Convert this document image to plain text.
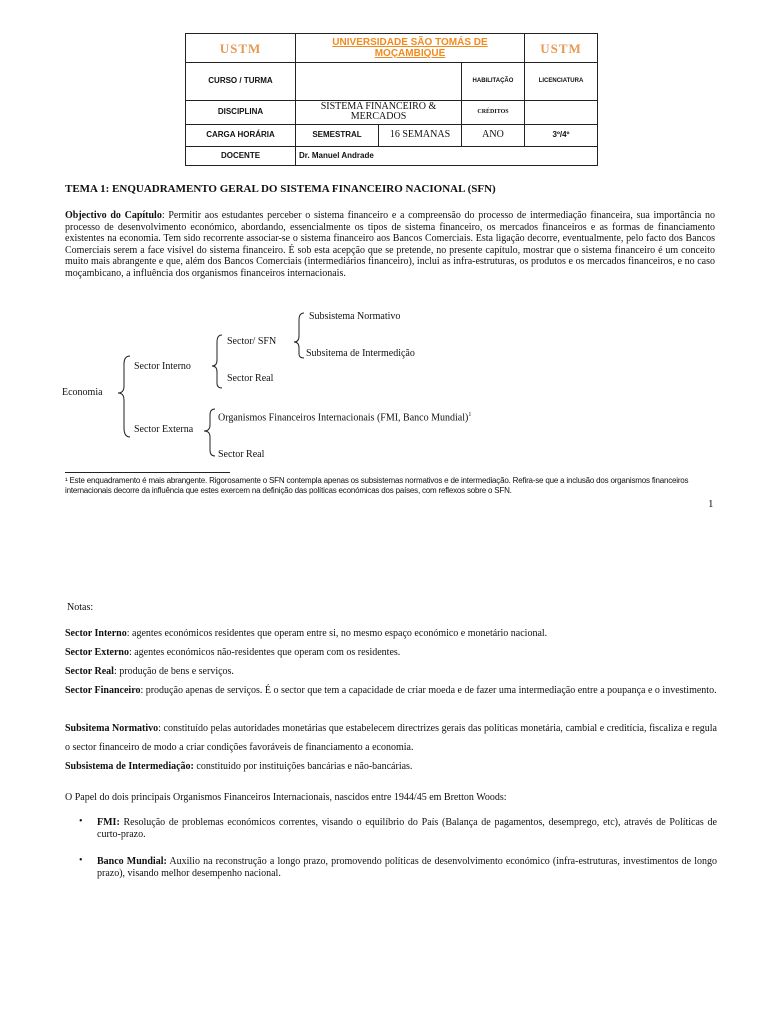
USTM	UNIVERSIDADE SÃO TOMÁS DE MOÇAMBIQUE			USTM
CURSO / TURMA			HABILITAÇÃO	LICENCIATURA
DISCIPLINA	SISTEMA FINANCEIRO & MERCADOS		CRÉDITOS	
CARGA HORÁRIA	SEMESTRAL	16 SEMANAS	ANO	3º/4º
DOCENTE	Dr. Manuel Andrade			
TEMA 1: ENQUADRAMENTO GERAL DO SISTEMA FINANCEIRO NACIONAL (SFN)
Objectivo do Capítulo: Permitir aos estudantes perceber o sistema financeiro e a compreensão do processo de intermediação financeira, sua importância no processo de desenvolvimento económico, abordando, essencialmente os tipos de sistema financeiro, os mercados financeiros e as formas de financiamento existentes na economia. Tem sido recorrente associar-se o sistema financeiro aos Bancos Comerciais. Esta ligação decorre, eventualmente, pelo facto dos Bancos Comerciais serem a face visível do sistema financeiro. É sob esta acepção que se pretende, no presente capítulo, mostrar que o sistema financeiro é um conceito muito mais abrangente e que, além dos Bancos Comerciais (intermediários financeiro), inclui as infra-estruturas, os produtos e os mercados financeiros, e no caso moçambicano, a influência dos organismos financeiros internacionais.
Economia
Sector Interno
Sector/ SFN
Subsistema Normativo
Subsitema de Intermedição
Sector Real
Sector Externa
Organismos Financeiros Internacionais (FMI, Banco Mundial)$^1$
Sector Real
¹ Este enquadramento é mais abrangente. Rigorosamente o SFN contempla apenas os subsistemas normativos e de intermediação. Refira-se que a inclusão dos organismos financeiros internacionais decorre da influência que estes exercem na definição das políticas económicas dos países, com reflexos sobre o SFN.
1
Notas:
Sector Interno: agentes económicos residentes que operam entre si, no mesmo espaço económico e monetário nacional.
Sector Externo: agentes económicos não-residentes que operam com os residentes.
Sector Real: produção de bens e serviços.
Sector Financeiro: produção apenas de serviços. É o sector que tem a capacidade de criar moeda e de fazer uma intermediação entre a poupança e o investimento.
Subsitema Normativo: constituído pelas autoridades monetárias que estabelecem directrizes gerais das políticas monetária, cambial e creditícia, fiscaliza e regula o sector financeiro de modo a criar condições favoráveis de financiamento a economia.
Subsistema de Intermediação: constituido por instituições bancárias e não-bancárias.
O Papel do dois principais Organismos Financeiros Internacionais, nascidos entre 1944/45 em Bretton Woods:
• FMI: Resolução de problemas económicos correntes, visando o equilíbrio do País (Balança de pagamentos, desemprego, etc), através de Políticas de curto-prazo.
• Banco Mundial: Auxilio na reconstrução a longo prazo, promovendo políticas de desenvolvimento económico (infra-estruturas, investimentos de longo prazo), visando melhor desempenho nacional.
